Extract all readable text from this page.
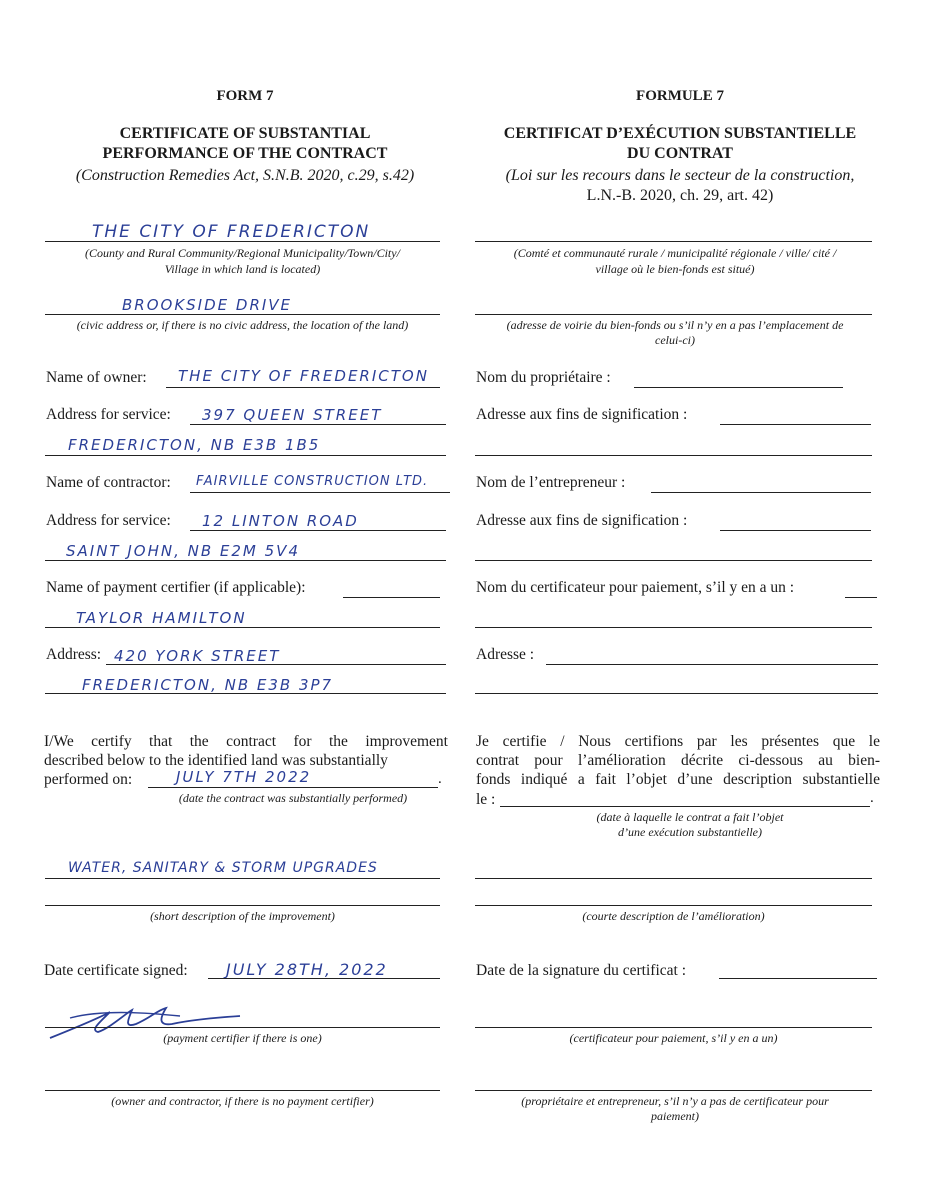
FORM 7
CERTIFICATE OF SUBSTANTIAL
PERFORMANCE OF THE CONTRACT
(Construction Remedies Act, S.N.B. 2020, c.29, s.42)
THE CITY OF FREDERICTON
(County and Rural Community/Regional Municipality/Town/City/
Village in which land is located)
BROOKSIDE DRIVE
(civic address or, if there is no civic address, the location of the land)
Name of owner: THE CITY OF FREDERICTON
Address for service: 397 QUEEN STREET
FREDERICTON, NB E3B 1B5
Name of contractor: FAIRVILLE CONSTRUCTION LTD.
Address for service: 12 LINTON ROAD
SAINT JOHN, NB E2M 5V4
Name of payment certifier (if applicable):
TAYLOR HAMILTON
Address: 420 YORK STREET
FREDERICTON, NB E3B 3P7
I/We certify that the contract for the improvement
described below to the identified land was substantially
performed on:	JULY 7TH 2022	.
(date the contract was substantially performed)
WATER, SANITARY & STORM UPGRADES
(short description of the improvement)
Date certificate signed: JULY 28TH, 2022
(payment certifier if there is one)
(owner and contractor, if there is no payment certifier)
FORMULE 7
CERTIFICAT D’EXÉCUTION SUBSTANTIELLE
DU CONTRAT
(Loi sur les recours dans le secteur de la construction,
L.N.-B. 2020, ch. 29, art. 42)
(Comté et communauté rurale / municipalité régionale / ville/ cité /
village où le bien-fonds est situé)
(adresse de voirie du bien-fonds ou s’il n’y en a pas l’emplacement de
celui-ci)
Nom du propriétaire :
Adresse aux fins de signification :
Nom de l’entrepreneur :
Adresse aux fins de signification :
Nom du certificateur pour paiement, s’il y en a un :
Adresse :
Je certifie / Nous certifions par les présentes que le
contrat pour l’amélioration décrite ci-dessous au bien-
fonds indiqué a fait l’objet d’une description substantielle
le :	.
(date à laquelle le contrat a fait l’objet
d’une exécution substantielle)
(courte description de l’amélioration)
Date de la signature du certificat :
(certificateur pour paiement, s’il y en a un)
(propriétaire et entrepreneur, s’il n’y a pas de certificateur pour
paiement)
